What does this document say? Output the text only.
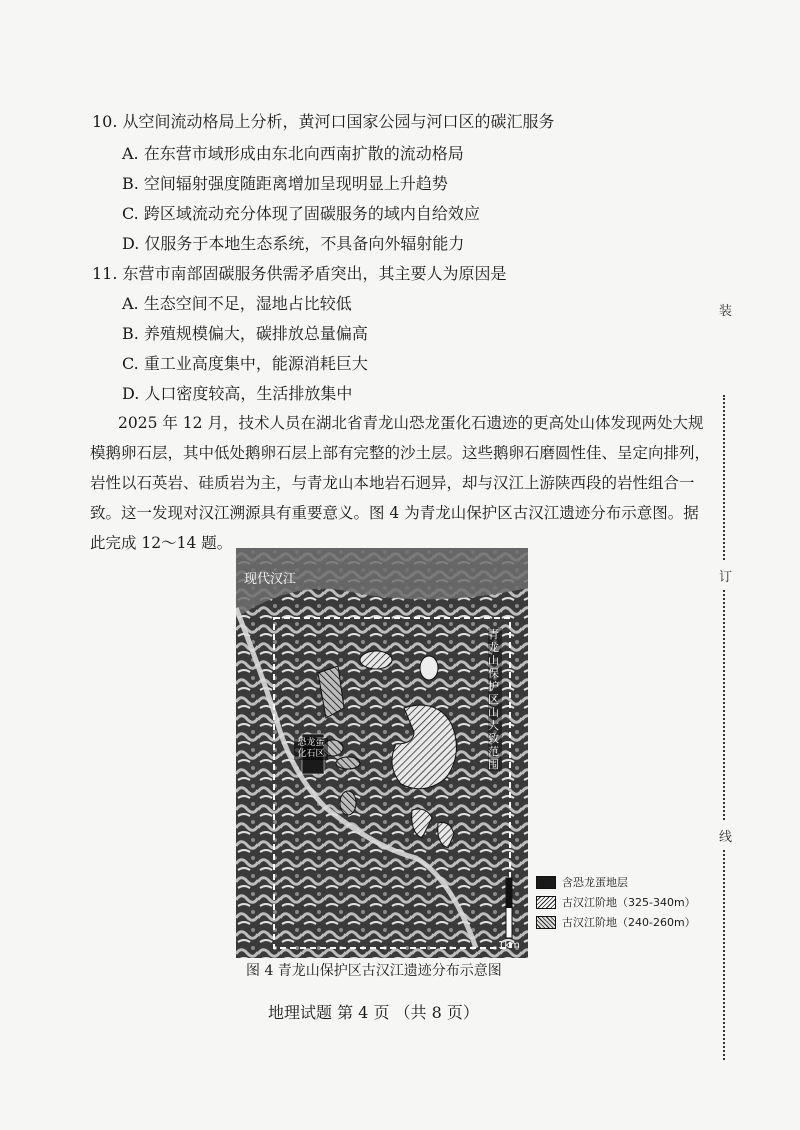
10. 从空间流动格局上分析，黄河口国家公园与河口区的碳汇服务
A. 在东营市域形成由东北向西南扩散的流动格局
B. 空间辐射强度随距离增加呈现明显上升趋势
C. 跨区域流动充分体现了固碳服务的域内自给效应
D. 仅服务于本地生态系统，不具备向外辐射能力
11. 东营市南部固碳服务供需矛盾突出，其主要人为原因是
A. 生态空间不足，湿地占比较低
B. 养殖规模偏大，碳排放总量偏高
C. 重工业高度集中，能源消耗巨大
D. 人口密度较高，生活排放集中
2025 年 12 月，技术人员在湖北省青龙山恐龙蛋化石遗迹的更高处山体发现两处大规
模鹅卵石层，其中低处鹅卵石层上部有完整的沙土层。这些鹅卵石磨圆性佳、呈定向排列，
岩性以石英岩、硅质岩为主，与青龙山本地岩石迥异，却与汉江上游陕西段的岩性组合一
致。这一发现对汉江溯源具有重要意义。图 4 为青龙山保护区古汉江遗迹分布示意图。据
此完成 12～14 题。
现代汉江
青龙山保护区山大致范围
恐龙蛋化石区
1km
含恐龙蛋地层
古汉江阶地（325-340m）
古汉江阶地（240-260m）
图 4 青龙山保护区古汉江遗迹分布示意图
地理试题 第 4 页 （共 8 页）
装
订
线
